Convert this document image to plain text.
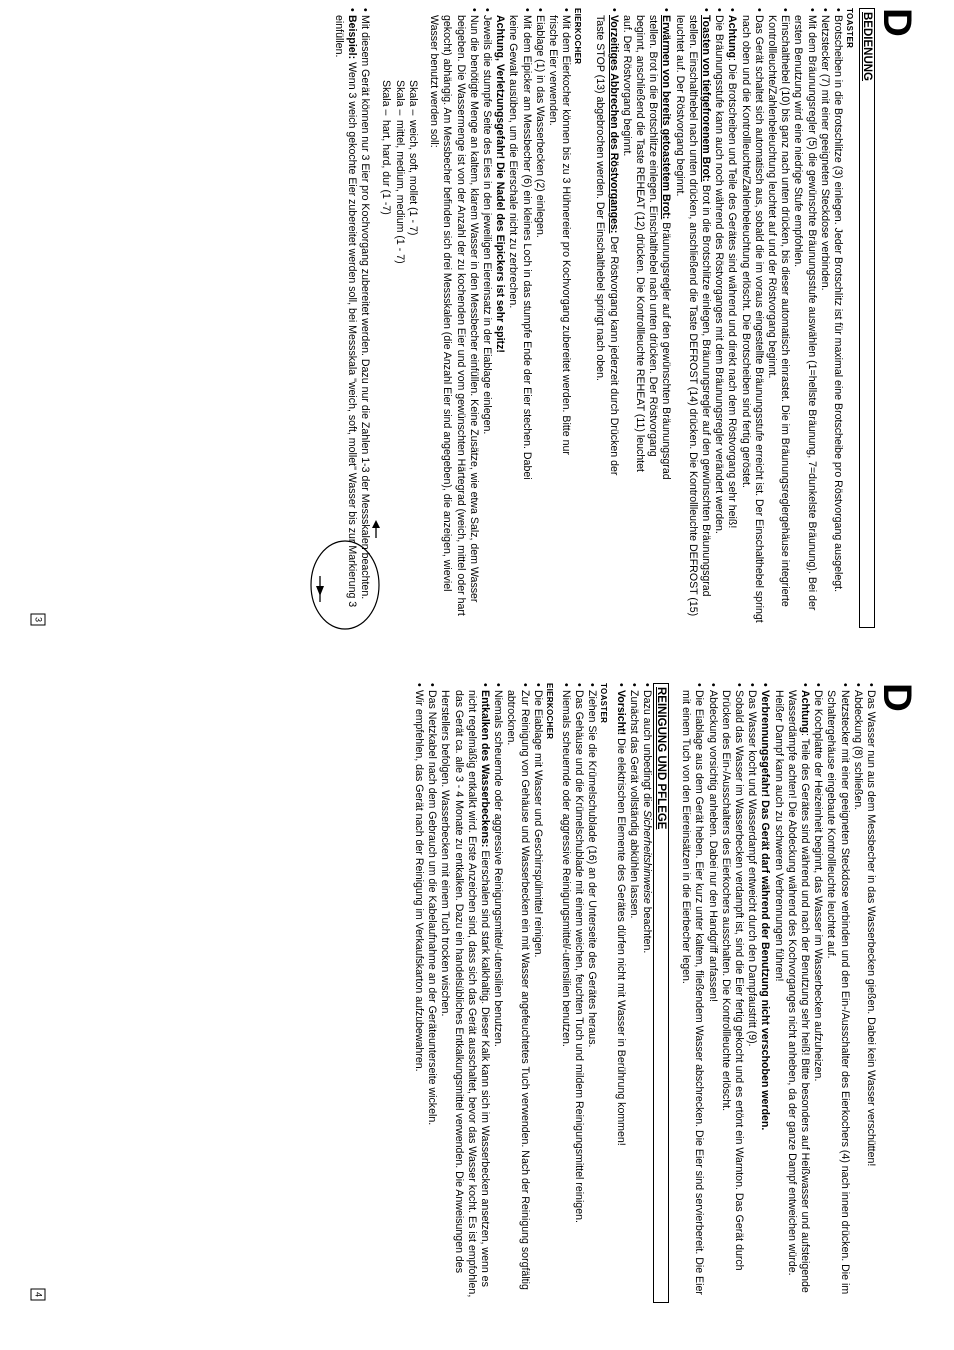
D
BEDIENUNG
TOASTER

• Brotscheiben in die Brotschlitze (3) einlegen. Jeder Brotschlitz ist für maximal eine Brotscheibe pro Röstvorgang ausgelegt.

• Netzstecker (7) mit einer geeigneten Steckdose verbinden.

• Mit dem Bräunungsregler (5) die gewünschte Bräunungsstufe auswählen (1=hellste Bräunung, 7=dunkelste Bräunung). Bei der ersten Benutzung wird eine niedrige Stufe empfohlen.

• Einschalthebel (10) bis ganz nach unten drücken, bis dieser automatisch einrastet. Die im Bräunungsreglergehäuse integrierte Kontrollleuchte/Zahlenbeleuchtung leuchtet auf und der Röstvorgang beginnt.

• Das Gerät schaltet sich automatisch aus, sobald die im voraus eingestellte Bräunungsstufe erreicht ist. Der Einschalthebel springt nach oben und die Kontrollleuchte/Zahlenbeleuchtung erlöscht. Die Brotscheiben sind fertig geröstet.

• Achtung: Die Brotscheiben und Teile des Gerätes sind während und direkt nach dem Röstvorgang sehr heiß!

• Die Bräunungsstufe kann auch noch während des Röstvorganges mit dem Bräunungsregler verändert werden.

• Toasten von tiefgefrorenem Brot: Brot in die Brotschlitze einlegen, Bräunungsregler auf den gewünschten Bräunungsgrad stellen. Einschalthebel nach unten drücken, anschließend die Taste DEFROST (14) drücken. Die Kontrollleuchte DEFROST (15) leuchtet auf. Der Röstvorgang beginnt.

• Erwärmen von bereits getoastetem Brot: Bräunungsregler auf den gewünschten Bräunungsgrad stellen. Brot in die Brotschlitze einlegen. Einschalthebel nach unten drücken. Der Röstvorgang beginnt, anschließend die Taste REHEAT (12) drücken. Die Kontrollleuchte REHEAT (11) leuchtet auf. Der Röstvorgang beginnt.

• Vorzeitiges Abbrechen des Röstvorganges: Der Röstvorgang kann jederzeit durch Drücken der Taste STOP (13) abgebrochen werden. Der Einschalthebel springt nach oben.

EIERKOCHER

• Mit dem Eierkocher können bis zu 3 Hühnereier pro Kochvorgang zubereitet werden. Bitte nur frische Eier verwenden.

• Eiablage (1) in das Wasserbecken (2) einlegen.

• Mit dem Eipicker am Messbecher (6) ein kleines Loch in das stumpfe Ende der Eier stechen. Dabei keine Gewalt ausüben, um die Eierschale nicht zu zerbrechen.

Achtung, Verletzungsgefahr! Die Nadel des Eipickers ist sehr spitz!

• Jeweils die stumpfe Seite des Eies in den jeweiligen Eiereinsatz in der Eiablage einlegen.

• Nun die benötigte Menge an kaltem, klarem Wasser in den Messbecher einfüllen. Keine Zusätze, wie etwa Salz, dem Wasser beigeben. Die Wassermenge ist von der Anzahl der zu kochenden Eier und vom gewünschten Härtegrad (weich, mittel oder hart gekocht) abhängig. Am Messbecher befinden sich drei Messskalen (die Anzahl Eier sind angegeben), die anzeigen, wieviel Wasser benutzt werden soll:

Skala –weich, soft, mollet (1 - 7)

Skala –mittel, medium, medium (1 - 7)

Skala –hart, hard, dur (1 -7)

• Mit diesem Gerät können nur 3 Eier pro Kochvorgang zubereitet werden. Dazu nur die Zahlen 1-3 der Messskalen beachten.

• Beispiel: Wenn 3 weich gekochte Eier zubereitet werden soll, bei Messskala "weich, soft, mollet" Wasser bis zur Markierung 3 einfüllen.

3
D

• Das Wasser nun aus dem Messbecher in das Wasserbecken gießen. Dabei kein Wasser verschütten!

• Abdeckung (8) schließen.

• Netzstecker mit einer geeigneten Steckdose verbinden und den Ein-/Ausschalter des Eierkochers (4) nach innen drücken. Die im Schaltergehäuse eingebaute Kontrollleuchte leuchtet auf.

• Die Kochplatte der Heizeinheit beginnt, das Wasser im Wasserbecken aufzuheizen.

• Achtung: Teile des Gerätes sind während und nach der Benutzung sehr heiß! Bitte besonders auf Heißwasser und aufsteigende Wasserdämpfe achten! Die Abdeckung während des Kochvorganges nicht anheben, da der ganze Dampf entweichen würde. Heißer Dampf kann auch zu schweren Verbrennungen führen!

• Verbrennungsgefahr! Das Gerät darf während der Benutzung nicht verschoben werden.

• Das Wasser kocht und Wasserdampf entweicht durch den Dampfaustritt (9).

• Sobald das Wasser im Wasserbecken verdampft ist, sind die Eier fertig gekocht und es ertönt ein Warnton. Das Gerät durch Drücken des Ein-/Ausschalters des Eierkochers ausschalten. Die Kontrollleuchte erlöscht.

• Abdeckung vorsichtig anheben. Dabei nur den Handgriff anfassen!

• Die Eiablage aus dem Gerät heben. Eier kurz unter kaltem, fließendem Wasser abschrecken. Die Eier sind servierbereit. Die Eier mit einem Tuch von den Eiereinsätzen in die Eierbecher legen.

REINIGUNG UND PFLEGE

• Dazu auch unbedingt die Sicherheitshinweise beachten.

• Zunächst das Gerät vollständig abkühlen lassen.

• Vorsicht! Die elektrischen Elemente des Gerätes dürfen nicht mit Wasser in Berührung kommen!

TOASTER

• Ziehen Sie die Krümelschublade (16) an der Unterseite des Gerätes heraus.

• Das Gehäuse und die Krümelschublade mit einem weichen, feuchten Tuch und mildem Reinigungsmittel reinigen.

• Niemals scheuernde oder aggressive Reinigungsmittel/-utensilien benutzen.

EIERKOCHER

• Die Eiablage mit Wasser und Geschirrspülmittel reinigen.

• Zur Reinigung von Gehäuse und Wasserbecken ein mit Wasser angefeuchtetes Tuch verwenden. Nach der Reinigung sorgfältig abtrocknen.

• Niemals scheuernde oder aggressive Reinigungsmittel/-utensilien benutzen.

• Entkalken des Wasserbeckens: Eierschalen sind stark kalkhaltig. Dieser Kalk kann sich im Wasserbecken ansetzen, wenn es nicht regelmäßig entkalkt wird. Erste Anzeichen sind, dass sich das Gerät ausschaltet, bevor das Wasser kocht. Es ist empfohlen, das Gerät ca. alle 3 - 4 Monate zu entkalken. Dazu ein handelsübliches Entkalkungsmittel verwenden. Die Anweisungen des Herstellers befolgen. Wasserbecken mit einem Tuch trocken wischen.

• Das Netzkabel nach dem Gebrauch um die Kabelaufnahme an der Geräteunterseite wickeln.

• Wir empfehlen, das Gerät nach der Reinigung im Verkaufskarton aufzubewahren.

4
